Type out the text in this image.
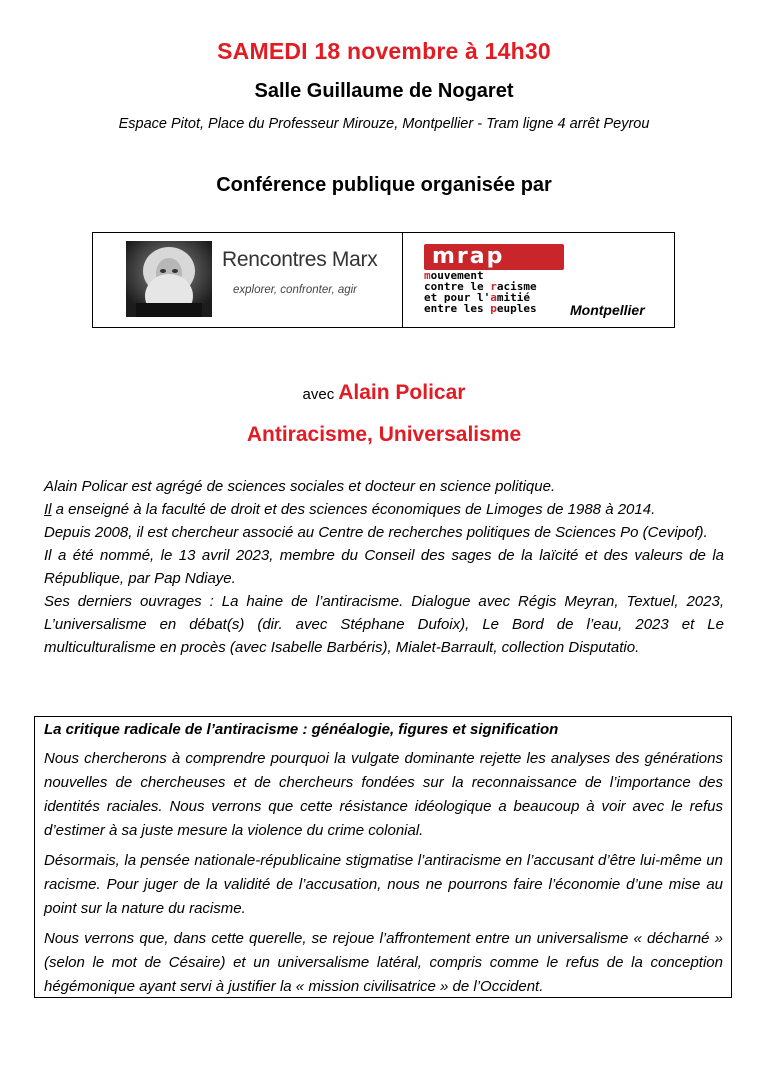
SAMEDI 18 novembre à 14h30
Salle Guillaume de Nogaret
Espace Pitot, Place du Professeur Mirouze, Montpellier - Tram ligne 4 arrêt Peyrou
Conférence publique organisée par
Rencontres Marx
explorer, confronter, agir
mrap
mouvement
contre le racisme
et pour l'amitié
entre les peuples Montpellier
avec Alain Policar
Antiracisme, Universalisme

Alain Policar est agrégé de sciences sociales et docteur en science politique.

Il a enseigné à la faculté de droit et des sciences économiques de Limoges de 1988 à 2014.

Depuis 2008, il est chercheur associé au Centre de recherches politiques de Sciences Po (Cevipof).

Il a été nommé, le 13 avril 2023, membre du Conseil des sages de la laïcité et des valeurs de la République, par Pap Ndiaye.

Ses derniers ouvrages : La haine de l’antiracisme. Dialogue avec Régis Meyran, Textuel, 2023, L’universalisme en débat(s) (dir. avec Stéphane Dufoix), Le Bord de l’eau, 2023 et Le multiculturalisme en procès (avec Isabelle Barbéris), Mialet-Barrault, collection Disputatio.

La critique radicale de l’antiracisme : généalogie, figures et signification

Nous chercherons à comprendre pourquoi la vulgate dominante rejette les analyses des générations nouvelles de chercheuses et de chercheurs fondées sur la reconnaissance de l’importance des identités raciales. Nous verrons que cette résistance idéologique a beaucoup à voir avec le refus d’estimer à sa juste mesure la violence du crime colonial.

Désormais, la pensée nationale-républicaine stigmatise l’antiracisme en l’accusant d’être lui-même un racisme. Pour juger de la validité de l’accusation, nous ne pourrons faire l’économie d’une mise au point sur la nature du racisme.

Nous verrons que, dans cette querelle, se rejoue l’affrontement entre un universalisme « décharné » (selon le mot de Césaire) et un universalisme latéral, compris comme le refus de la conception hégémonique ayant servi à justifier la « mission civilisatrice » de l’Occident.
